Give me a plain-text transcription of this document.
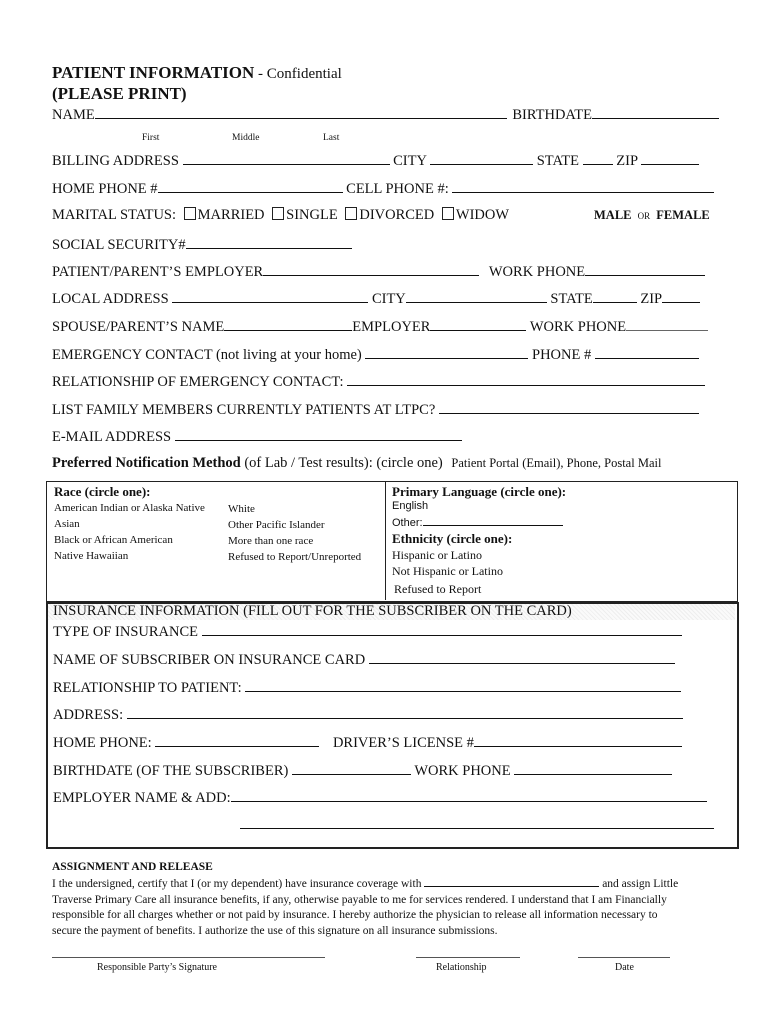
PATIENT INFORMATION - Confidential
(PLEASE PRINT)
NAME	BIRTHDATE
First	Middle	Last
BILLING ADDRESS	CITY	STATE	ZIP
HOME PHONE #	CELL PHONE #:
MARITAL STATUS: MARRIED SINGLE DIVORCED WIDOW	MALE OR FEMALE
SOCIAL SECURITY#
PATIENT/PARENT’S EMPLOYER	WORK PHONE
LOCAL ADDRESS	CITY	STATE	ZIP
SPOUSE/PARENT’S NAME	EMPLOYER	WORK PHONE
EMERGENCY CONTACT (not living at your home)	PHONE #
RELATIONSHIP OF EMERGENCY CONTACT:
LIST FAMILY MEMBERS CURRENTLY PATIENTS AT LTPC?
E-MAIL ADDRESS
Preferred Notification Method (of Lab / Test results): (circle one) Patient Portal (Email), Phone, Postal Mail
Race (circle one):
American Indian or Alaska Native
Asian
Black or African American
Native Hawaiian
White
Other Pacific Islander
More than one race
Refused to Report/Unreported
Primary Language (circle one):
English
Other:
Ethnicity (circle one):
Hispanic or Latino
Not Hispanic or Latino
Refused to Report
INSURANCE INFORMATION (FILL OUT FOR THE SUBSCRIBER ON THE CARD)
TYPE OF INSURANCE
NAME OF SUBSCRIBER ON INSURANCE CARD
RELATIONSHIP TO PATIENT:
ADDRESS:
HOME PHONE:	DRIVER’S LICENSE #
BIRTHDATE (OF THE SUBSCRIBER)	WORK PHONE
EMPLOYER NAME & ADD:
ASSIGNMENT AND RELEASE
I the undersigned, certify that I (or my dependent) have insurance coverage with	and assign Little
Traverse Primary Care all insurance benefits, if any, otherwise payable to me for services rendered. I understand that I am Financially
responsible for all charges whether or not paid by insurance. I hereby authorize the physician to release all information necessary to
secure the payment of benefits. I authorize the use of this signature on all insurance submissions.
Responsible Party’s Signature	Relationship	Date
